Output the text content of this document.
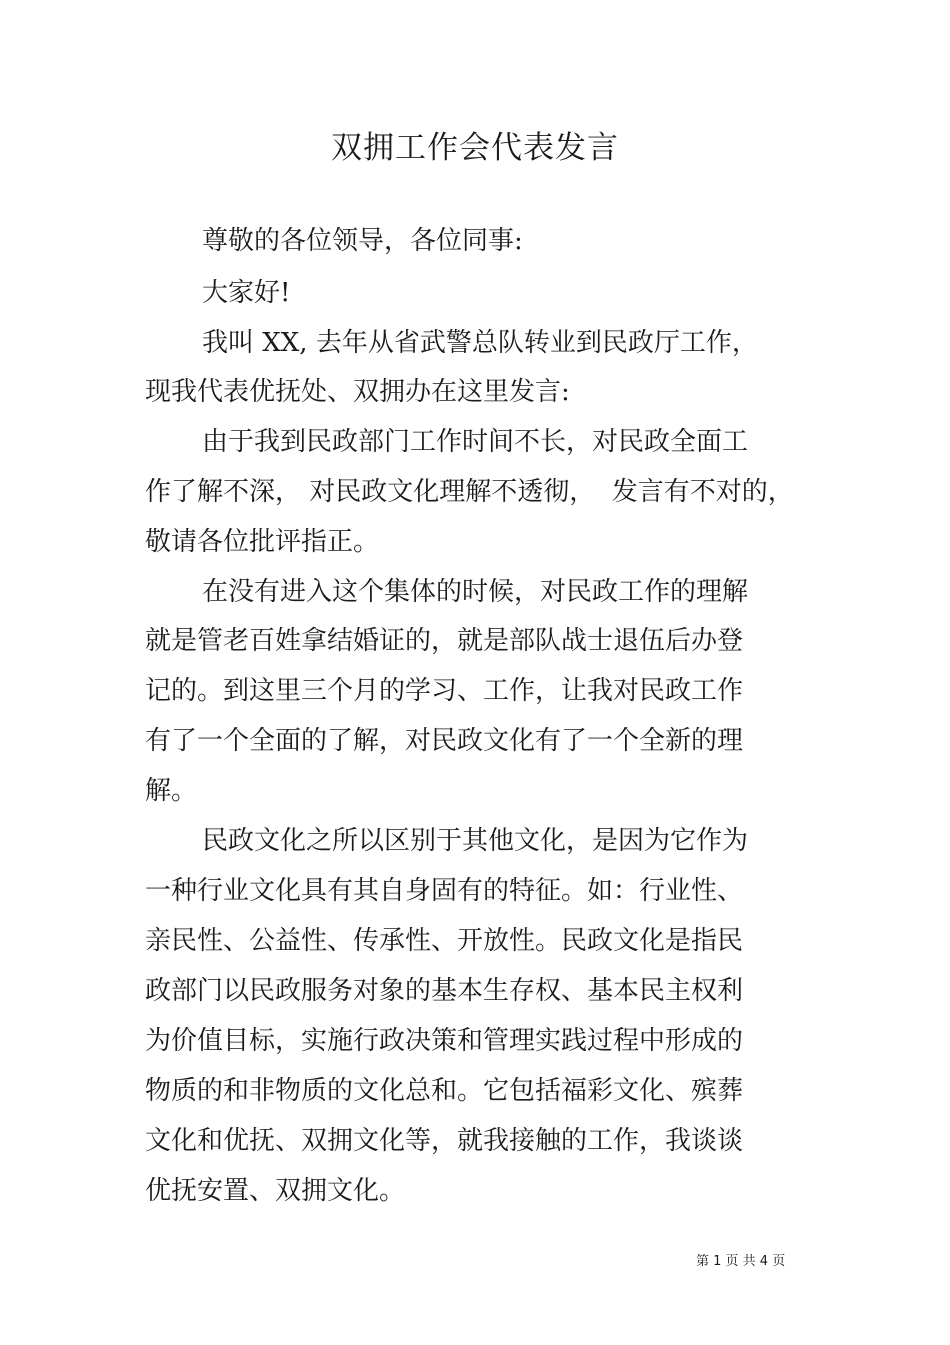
双拥工作会代表发言

尊敬的各位领导，各位同事:

大家好!

我叫 XX, 去年从省武警总队转业到民政厅工作，

现我代表优抚处、双拥办在这里发言:

由于我到民政部门工作时间不长，对民政全面工

作了解不深， 对民政文化理解不透彻，  发言有不对的，

敬请各位批评指正。

在没有进入这个集体的时候，对民政工作的理解

就是管老百姓拿结婚证的，就是部队战士退伍后办登

记的。到这里三个月的学习、工作，让我对民政工作

有了一个全面的了解，对民政文化有了一个全新的理

解。

民政文化之所以区别于其他文化，是因为它作为

一种行业文化具有其自身固有的特征。如：行业性、

亲民性、公益性、传承性、开放性。民政文化是指民

政部门以民政服务对象的基本生存权、基本民主权利

为价值目标，实施行政决策和管理实践过程中形成的

物质的和非物质的文化总和。它包括福彩文化、殡葬

文化和优抚、双拥文化等，就我接触的工作，我谈谈

优抚安置、双拥文化。

第 1 页 共 4 页
